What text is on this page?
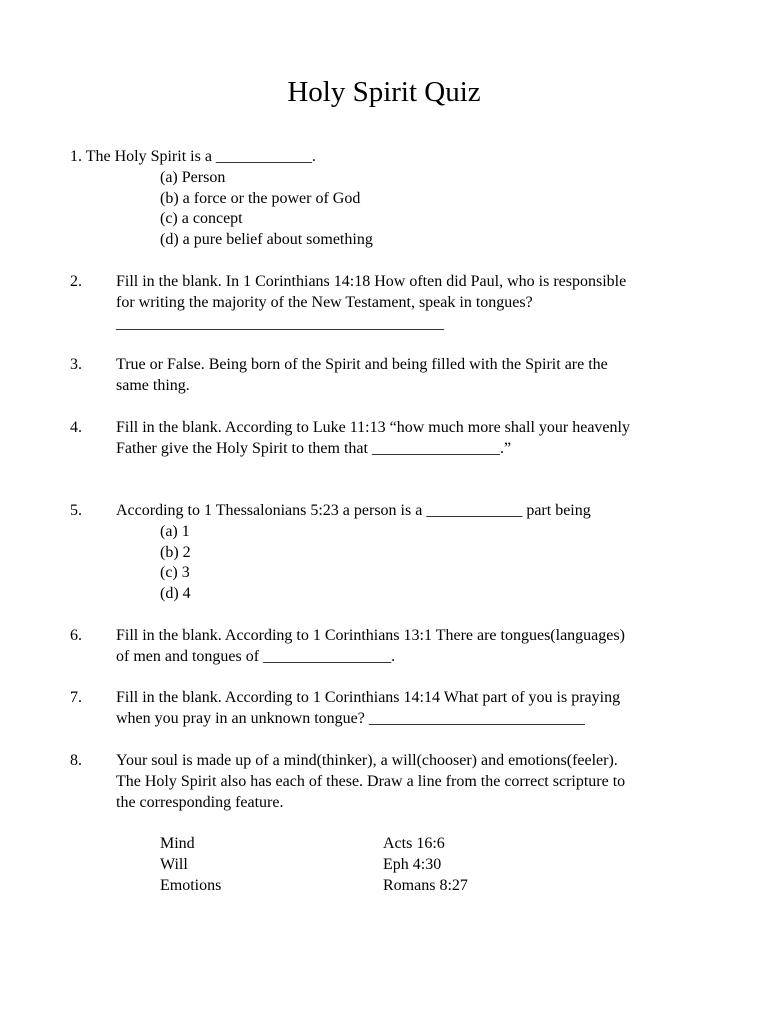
Holy Spirit Quiz
1. The Holy Spirit is a ____________.
(a) Person
(b) a force or the power of God
(c) a concept
(d) a pure belief about something
2. Fill in the blank. In 1 Corinthians 14:18 How often did Paul, who is responsible
for writing the majority of the New Testament, speak in tongues?
_________________________________________
3. True or False. Being born of the Spirit and being filled with the Spirit are the
same thing.
4. Fill in the blank. According to Luke 11:13 “how much more shall your heavenly
Father give the Holy Spirit to them that ________________.”
5. According to 1 Thessalonians 5:23 a person is a ____________ part being
(a) 1
(b) 2
(c) 3
(d) 4
6. Fill in the blank. According to 1 Corinthians 13:1 There are tongues(languages)
of men and tongues of ________________.
7. Fill in the blank. According to 1 Corinthians 14:14 What part of you is praying
when you pray in an unknown tongue? ___________________________
8. Your soul is made up of a mind(thinker), a will(chooser) and emotions(feeler).
The Holy Spirit also has each of these. Draw a line from the correct scripture to
the corresponding feature.
Mind
Will
Emotions
Acts 16:6
Eph 4:30
Romans 8:27
